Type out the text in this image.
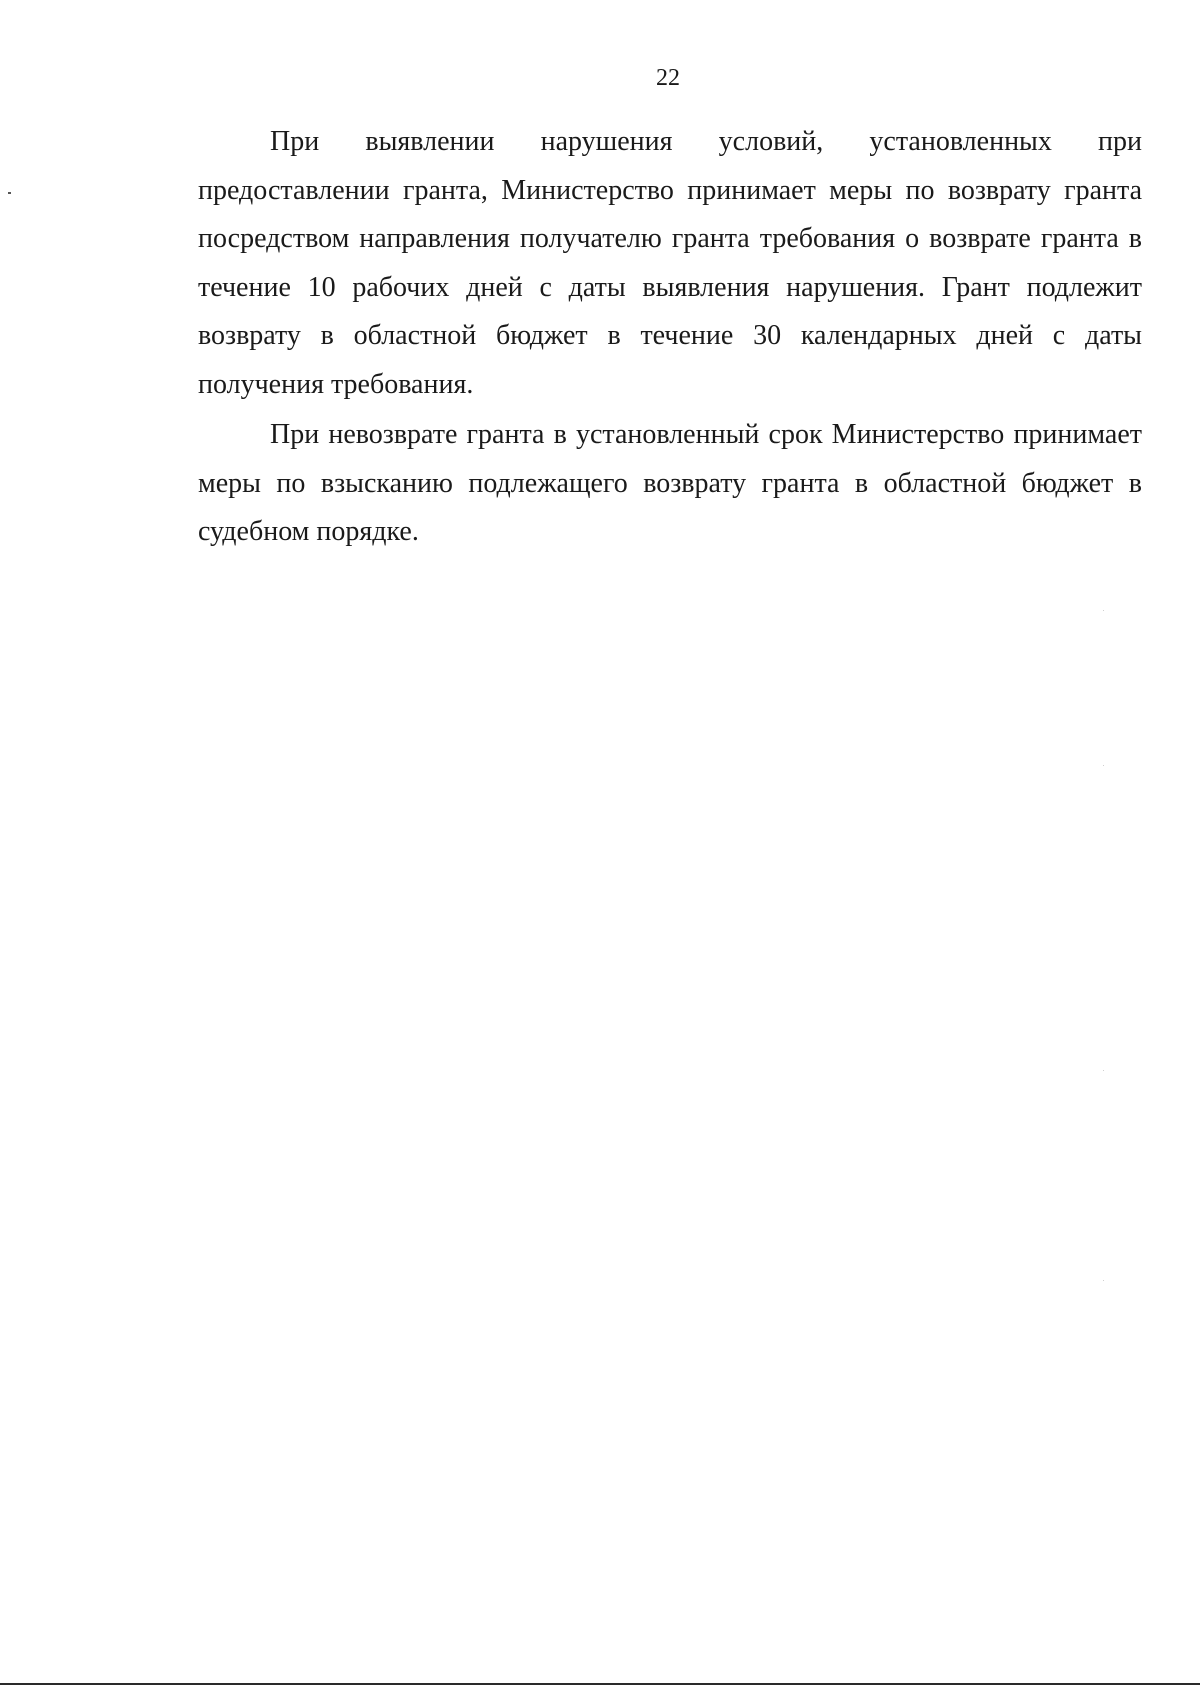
22

При выявлении нарушения условий, установленных при предоставлении гранта, Министерство принимает меры по возврату гранта посредством направления получателю гранта требования о возврате гранта в течение 10 рабочих дней с даты выявления нарушения. Грант подлежит возврату в областной бюджет в течение 30 календарных дней с даты получения требования.

При невозврате гранта в установленный срок Министерство принимает меры по взысканию подлежащего возврату гранта в областной бюджет в судебном порядке.
